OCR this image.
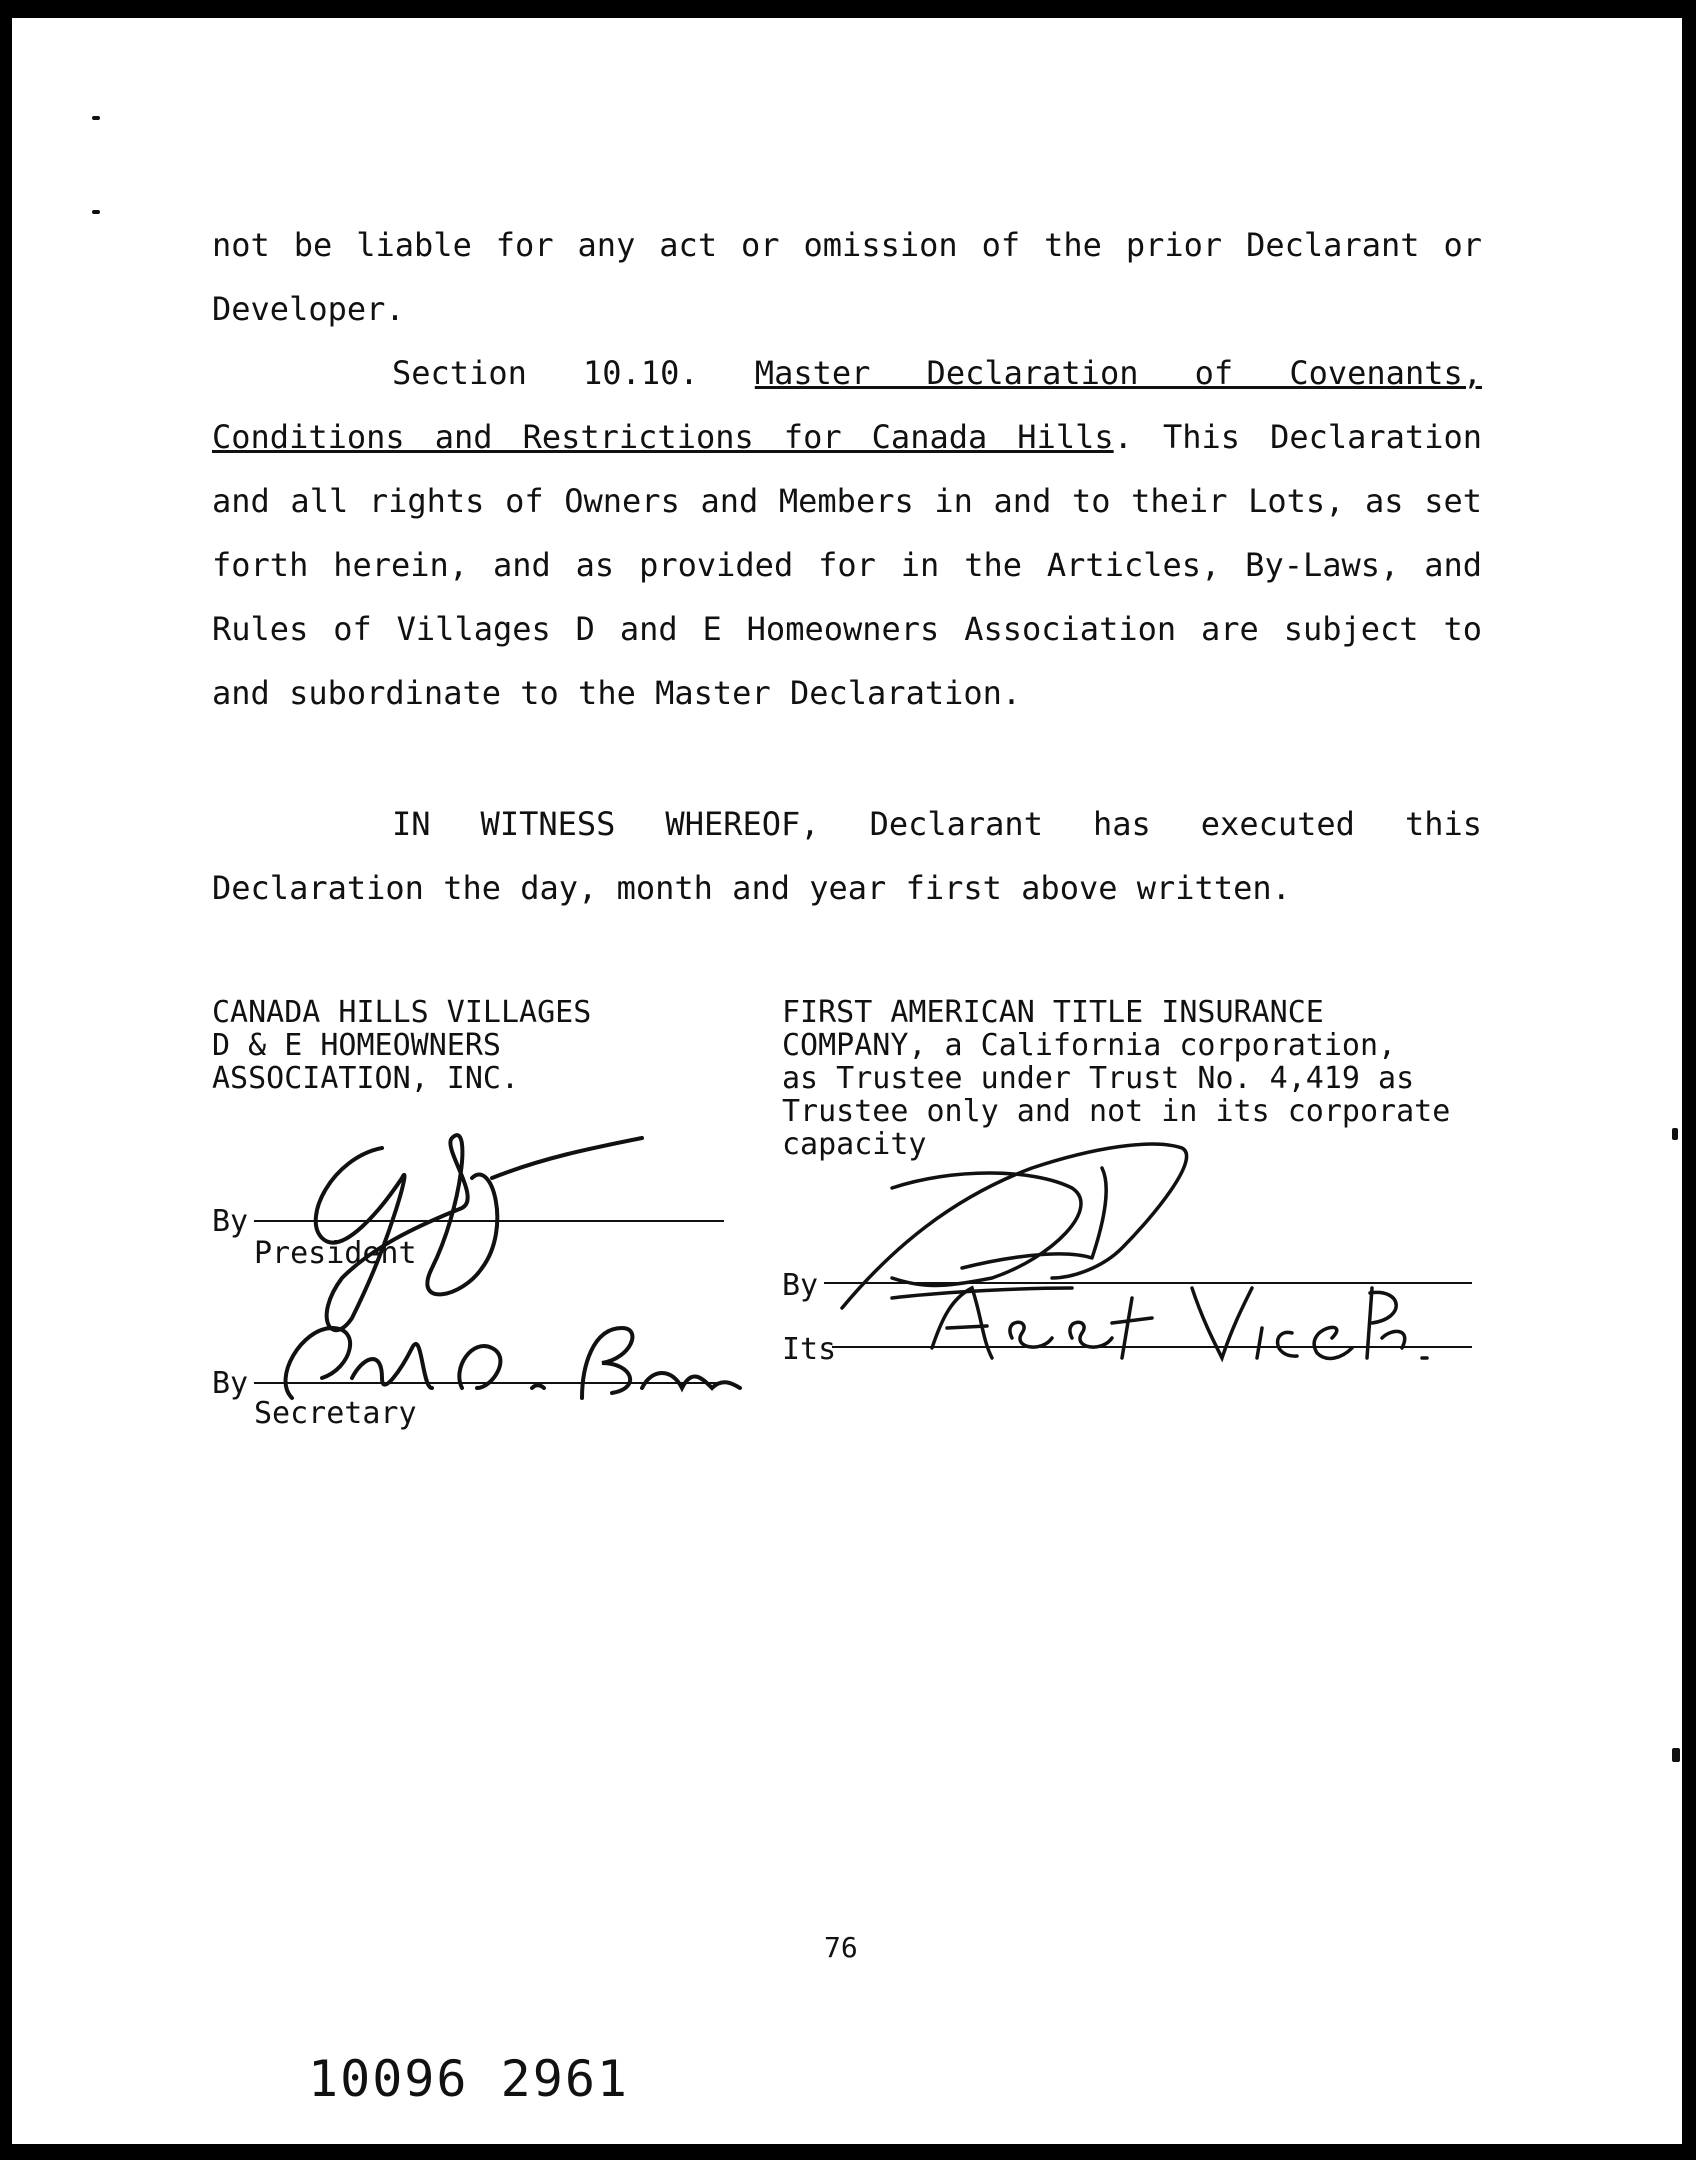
not be liable for any act or omission of the prior Declarant or Developer.
Section 10.10. Master Declaration of Covenants, Conditions and Restrictions for Canada Hills. This Declaration and all rights of Owners and Members in and to their Lots, as set forth herein, and as provided for in the Articles, By-Laws, and Rules of Villages D and E Homeowners Association are subject to and subordinate to the Master Declaration.
IN WITNESS WHEREOF, Declarant has executed this Declaration the day, month and year first above written.
CANADA HILLS VILLAGES
D & E HOMEOWNERS
ASSOCIATION, INC.
FIRST AMERICAN TITLE INSURANCE
COMPANY, a California corporation,
as Trustee under Trust No. 4,419 as
Trustee only and not in its corporate
capacity
By
President
By
Secretary
By
Its
76
10096 2961
